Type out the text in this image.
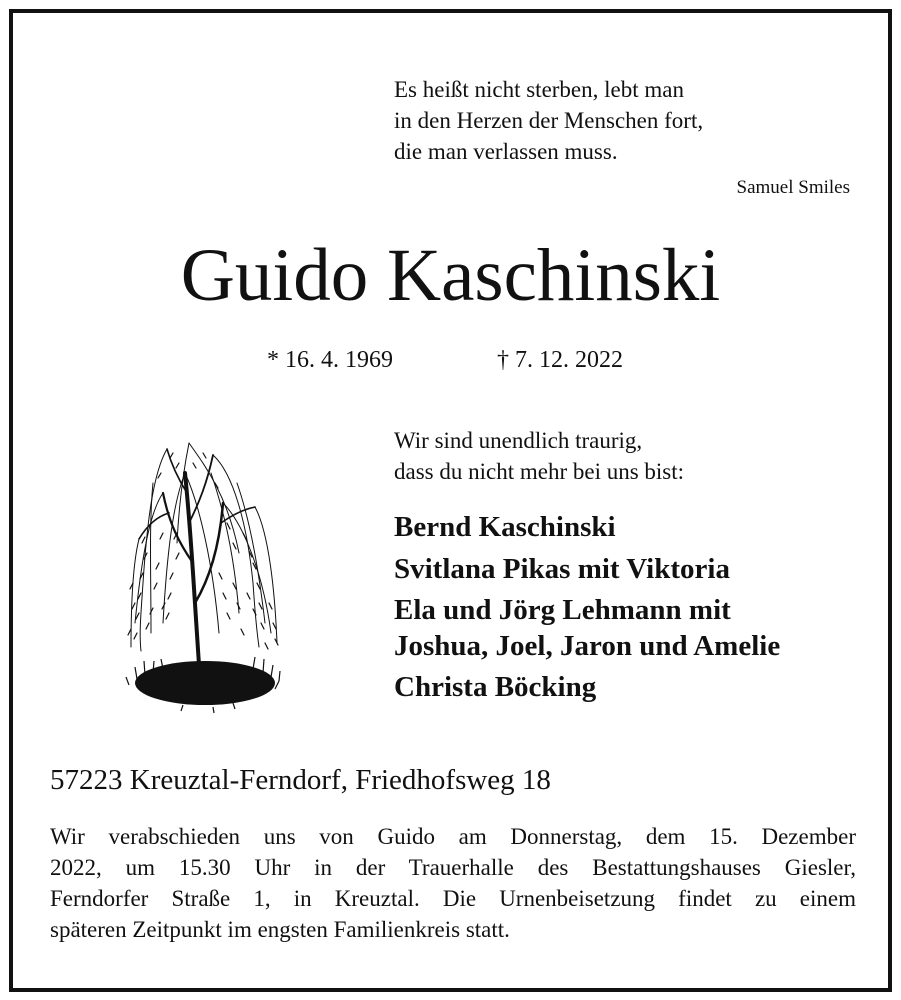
Es heißt nicht sterben, lebt man
in den Herzen der Menschen fort,
die man verlassen muss.
Samuel Smiles
Guido Kaschinski
* 16. 4. 1969	† 7. 12. 2022
Wir sind unendlich traurig,
dass du nicht mehr bei uns bist:
Bernd Kaschinski
Svitlana Pikas mit Viktoria
Ela und Jörg Lehmann mit
Joshua, Joel, Jaron und Amelie
Christa Böcking
57223 Kreuztal-Ferndorf, Friedhofsweg 18
Wir verabschieden uns von Guido am Donnerstag, dem 15. Dezember
2022, um 15.30 Uhr in der Trauerhalle des Bestattungshauses Giesler,
Ferndorfer Straße 1, in Kreuztal. Die Urnenbeisetzung findet zu einem
späteren Zeitpunkt im engsten Familienkreis statt.
